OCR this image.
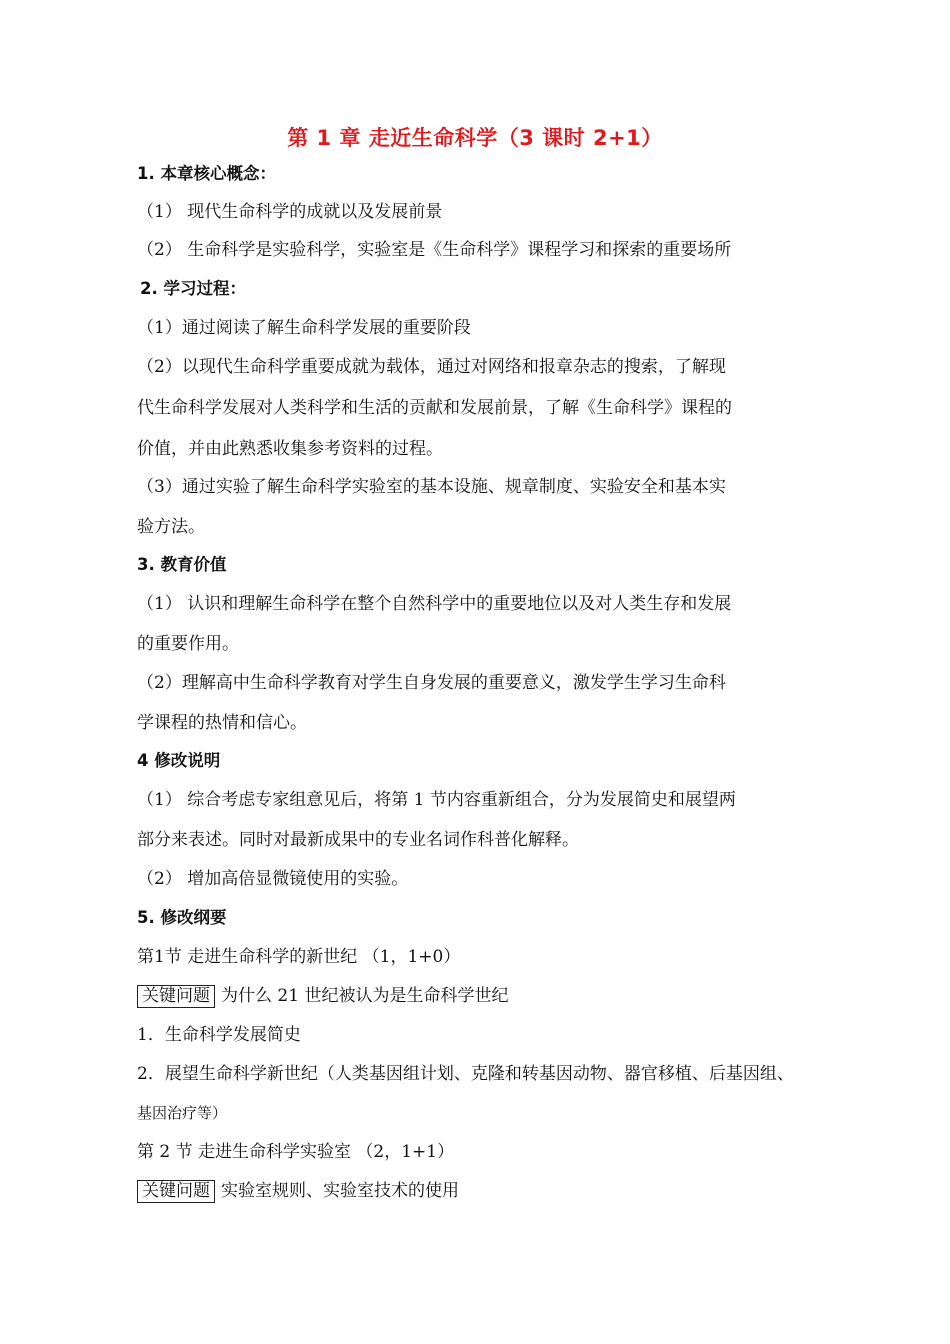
第 1 章 走近生命科学（3 课时 2+1）
1. 本章核心概念：
（1） 现代生命科学的成就以及发展前景
（2） 生命科学是实验科学，实验室是《生命科学》课程学习和探索的重要场所
2. 学习过程：
（1）通过阅读了解生命科学发展的重要阶段
（2）以现代生命科学重要成就为载体，通过对网络和报章杂志的搜索，了解现
代生命科学发展对人类科学和生活的贡献和发展前景，了解《生命科学》课程的
价值，并由此熟悉收集参考资料的过程。
（3）通过实验了解生命科学实验室的基本设施、规章制度、实验安全和基本实
验方法。
3. 教育价值
（1） 认识和理解生命科学在整个自然科学中的重要地位以及对人类生存和发展
的重要作用。
（2）理解高中生命科学教育对学生自身发展的重要意义，激发学生学习生命科
学课程的热情和信心。
4 修改说明
（1） 综合考虑专家组意见后，将第 1 节内容重新组合，分为发展简史和展望两
部分来表述。同时对最新成果中的专业名词作科普化解释。
（2） 增加高倍显微镜使用的实验。
5. 修改纲要
第1节 走进生命科学的新世纪 （1，1+0）
关键问题 为什么 21 世纪被认为是生命科学世纪
1．生命科学发展简史
2．展望生命科学新世纪（人类基因组计划、克隆和转基因动物、器官移植、后基因组、
基因治疗等）
第 2 节 走进生命科学实验室 （2，1+1）
关键问题 实验室规则、实验室技术的使用
